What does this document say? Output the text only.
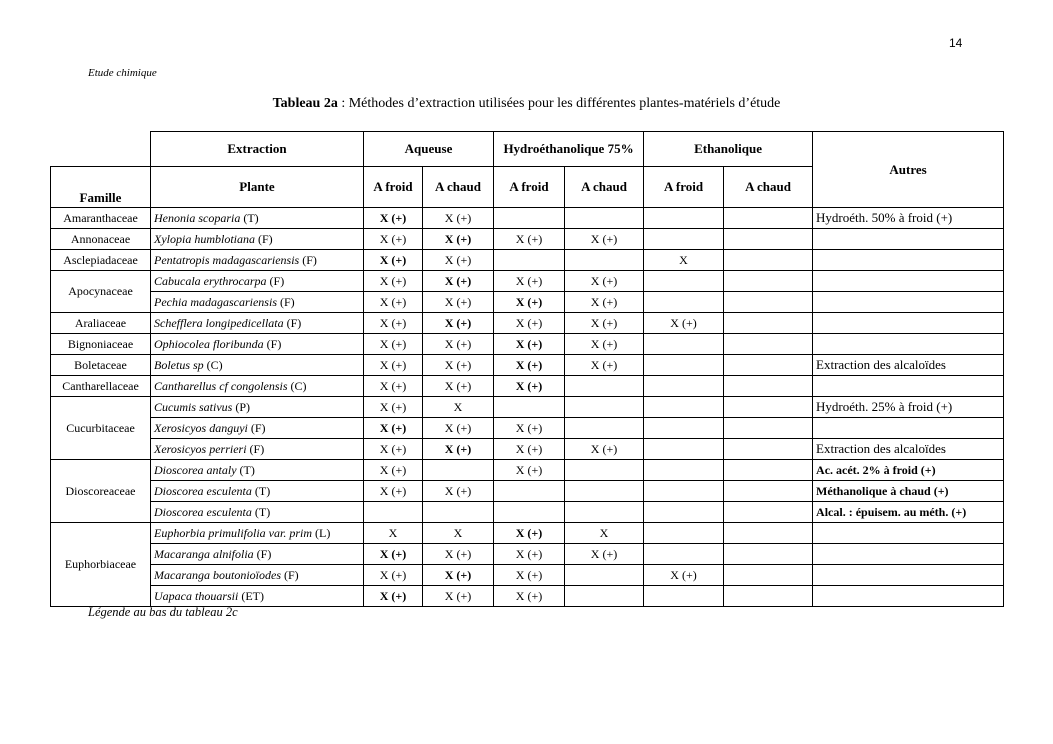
14
Etude chimique
Tableau 2a : Méthodes d’extraction utilisées pour les différentes plantes-matériels d’étude
	Extraction	Aqueuse		Hydroéthanolique 75%		Ethanolique		Autres
Famille	Plante	A froid	A chaud	A froid	A chaud	A froid	A chaud	
Amaranthaceae	Henonia scoparia (T)	X (+)	X (+)					Hydroéth. 50% à froid (+)
Annonaceae	Xylopia humblotiana (F)	X (+)	X (+)	X (+)	X (+)			
Asclepiadaceae	Pentatropis madagascariensis (F)	X (+)	X (+)			X		
Apocynaceae	Cabucala erythrocarpa (F)	X (+)	X (+)	X (+)	X (+)			
	Pechia madagascariensis (F)	X (+)	X (+)	X (+)	X (+)			
Araliaceae	Schefflera longipedicellata (F)	X (+)	X (+)	X (+)	X (+)	X (+)		
Bignoniaceae	Ophiocolea floribunda (F)	X (+)	X (+)	X (+)	X (+)			
Boletaceae	Boletus sp (C)	X (+)	X (+)	X (+)	X (+)			Extraction des alcaloïdes
Cantharellaceae	Cantharellus cf congolensis (C)	X (+)	X (+)	X (+)				
Cucurbitaceae	Cucumis sativus (P)	X (+)	X					Hydroéth. 25% à froid (+)
	Xerosicyos danguyi (F)	X (+)	X (+)	X (+)				
	Xerosicyos perrieri (F)	X (+)	X (+)	X (+)	X (+)			Extraction des alcaloïdes
Dioscoreaceae	Dioscorea antaly (T)	X (+)		X (+)				Ac. acét. 2% à froid (+)
	Dioscorea esculenta (T)	X (+)	X (+)					Méthanolique à chaud (+)
	Dioscorea esculenta (T)							Alcal. : épuisem. au méth. (+)
Euphorbiaceae	Euphorbia primulifolia var. prim (L)	X	X	X (+)	X			
	Macaranga alnifolia (F)	X (+)	X (+)	X (+)	X (+)			
	Macaranga boutonioïodes (F)	X (+)	X (+)	X (+)		X (+)		
	Uapaca thouarsii (ET)	X (+)	X (+)	X (+)				
Légende au bas du tableau 2c
